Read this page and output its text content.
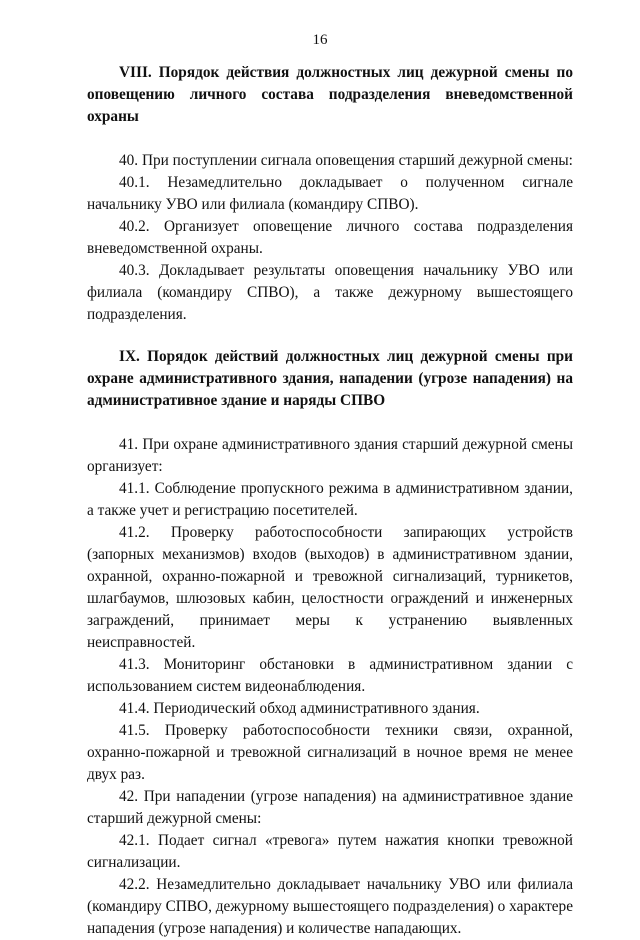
16

VIII. Порядок действия должностных лиц дежурной смены по оповещению личного состава подразделения вневедомственной охраны

40. При поступлении сигнала оповещения старший дежурной смены:

40.1. Незамедлительно докладывает о полученном сигнале начальнику УВО или филиала (командиру СПВО).

40.2. Организует оповещение личного состава подразделения вневедомственной охраны.

40.3. Докладывает результаты оповещения начальнику УВО или филиала (командиру СПВО), а также дежурному вышестоящего подразделения.

IX. Порядок действий должностных лиц дежурной смены при охране административного здания, нападении (угрозе нападения) на административное здание и наряды СПВО

41. При охране административного здания старший дежурной смены организует:

41.1. Соблюдение пропускного режима в административном здании, а также учет и регистрацию посетителей.

41.2. Проверку работоспособности запирающих устройств (запорных механизмов) входов (выходов) в административном здании, охранной, охранно-пожарной и тревожной сигнализаций, турникетов, шлагбаумов, шлюзовых кабин, целостности ограждений и инженерных заграждений, принимает меры к устранению выявленных неисправностей.

41.3. Мониторинг обстановки в административном здании с использованием систем видеонаблюдения.

41.4. Периодический обход административного здания.

41.5. Проверку работоспособности техники связи, охранной, охранно-пожарной и тревожной сигнализаций в ночное время не менее двух раз.

42. При нападении (угрозе нападения) на административное здание старший дежурной смены:

42.1. Подает сигнал «тревога» путем нажатия кнопки тревожной сигнализации.

42.2. Незамедлительно докладывает начальнику УВО или филиала (командиру СПВО, дежурному вышестоящего подразделения) о характере нападения (угрозе нападения) и количестве нападающих.
